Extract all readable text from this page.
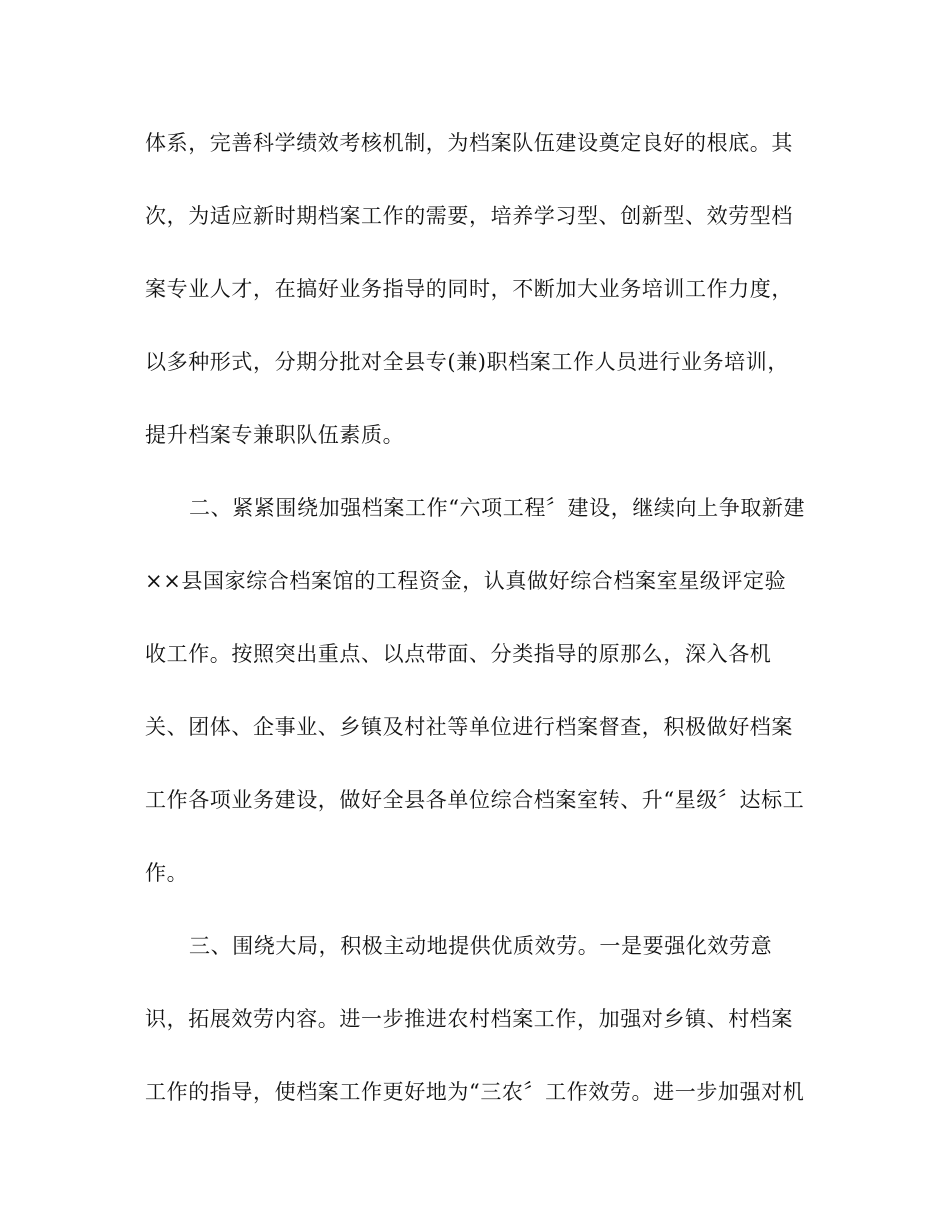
体系，完善科学绩效考核机制，为档案队伍建设奠定良好的根底。其
次，为适应新时期档案工作的需要，培养学习型、创新型、效劳型档
案专业人才，在搞好业务指导的同时，不断加大业务培训工作力度，
以多种形式，分期分批对全县专(兼)职档案工作人员进行业务培训，
提升档案专兼职队伍素质。
二、紧紧围绕加强档案工作“六项工程〞建设，继续向上争取新建
××县国家综合档案馆的工程资金，认真做好综合档案室星级评定验
收工作。按照突出重点、以点带面、分类指导的原那么，深入各机
关、团体、企事业、乡镇及村社等单位进行档案督查，积极做好档案
工作各项业务建设，做好全县各单位综合档案室转、升“星级〞达标工
作。
三、围绕大局，积极主动地提供优质效劳。一是要强化效劳意
识，拓展效劳内容。进一步推进农村档案工作，加强对乡镇、村档案
工作的指导，使档案工作更好地为“三农〞工作效劳。进一步加强对机
